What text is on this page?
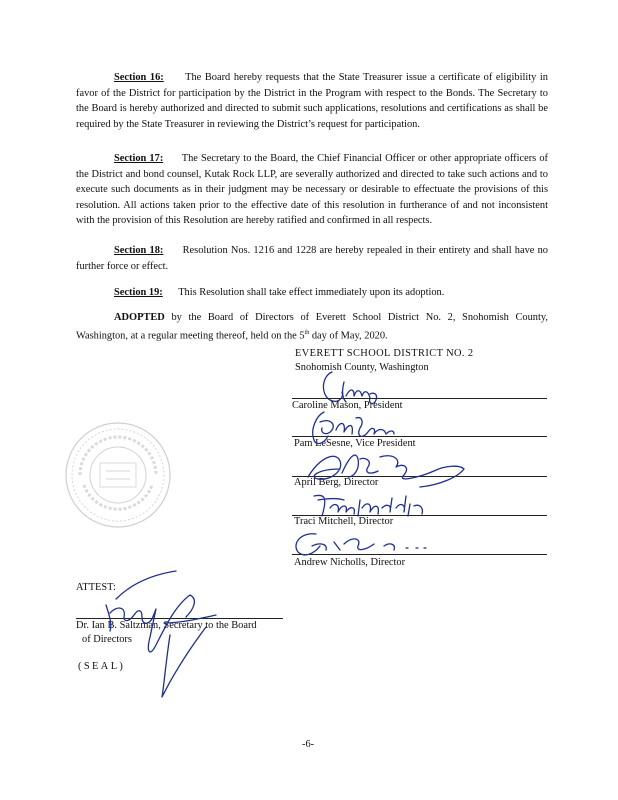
Section 16: The Board hereby requests that the State Treasurer issue a certificate of eligibility in favor of the District for participation by the District in the Program with respect to the Bonds. The Secretary to the Board is hereby authorized and directed to submit such applications, resolutions and certifications as shall be required by the State Treasurer in reviewing the District’s request for participation.
Section 17: The Secretary to the Board, the Chief Financial Officer or other appropriate officers of the District and bond counsel, Kutak Rock LLP, are severally authorized and directed to take such actions and to execute such documents as in their judgment may be necessary or desirable to effectuate the provisions of this resolution. All actions taken prior to the effective date of this resolution in furtherance of and not inconsistent with the provision of this Resolution are hereby ratified and confirmed in all respects.
Section 18: Resolution Nos. 1216 and 1228 are hereby repealed in their entirety and shall have no further force or effect.
Section 19: This Resolution shall take effect immediately upon its adoption.
ADOPTED by the Board of Directors of Everett School District No. 2, Snohomish County, Washington, at a regular meeting thereof, held on the 5th day of May, 2020.
EVERETT SCHOOL DISTRICT NO. 2
Snohomish County, Washington
Caroline Mason, President
Pam LeSesne, Vice President
April Berg, Director
Traci Mitchell, Director
Andrew Nicholls, Director
ATTEST:
Dr. Ian B. Saltzman, Secretary to the Board
of Directors
(SEAL)
-6-
